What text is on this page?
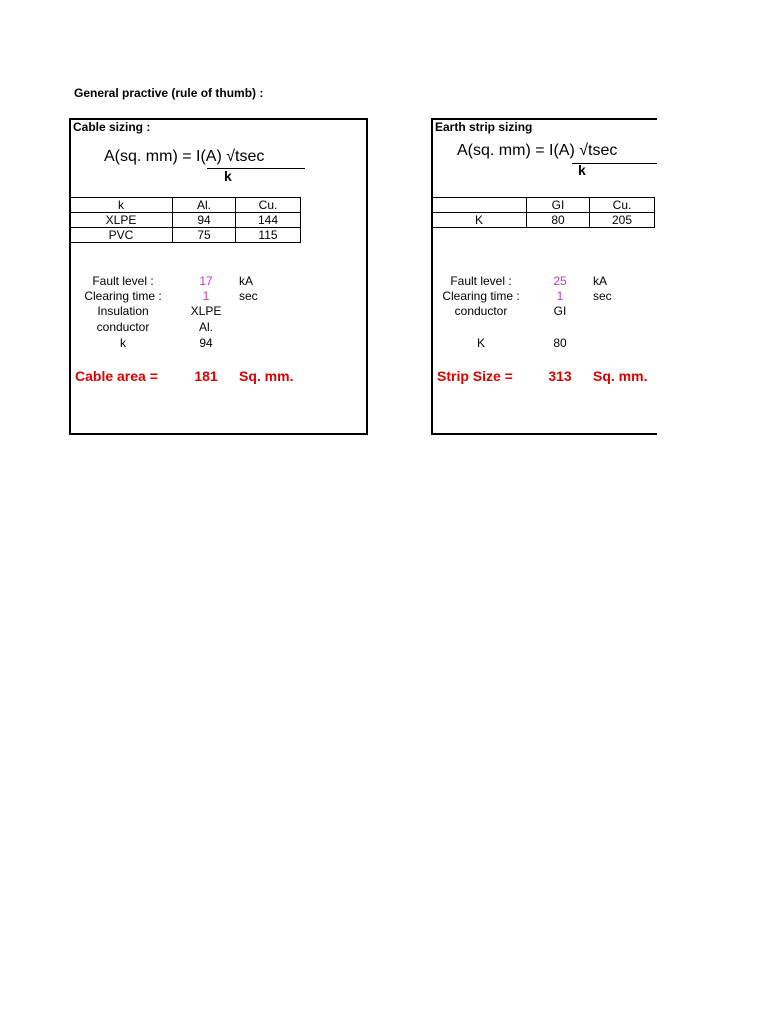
General practive (rule of thumb) :
Cable sizing :
A(sq. mm) = I(A) √tsec
k
k	Al.	Cu.
XLPE	94	144
PVC	75	115
Fault level :	17	kA
Clearing time :	1	sec
Insulation	XLPE
conductor	Al.
k	94
Cable area =	181	Sq. mm.
Earth strip sizing
A(sq. mm) = I(A) √tsec
k
	GI	Cu.
K	80	205
Fault level :	25	kA
Clearing time :	1	sec
conductor	GI
K	80
Strip Size =	313	Sq. mm.
